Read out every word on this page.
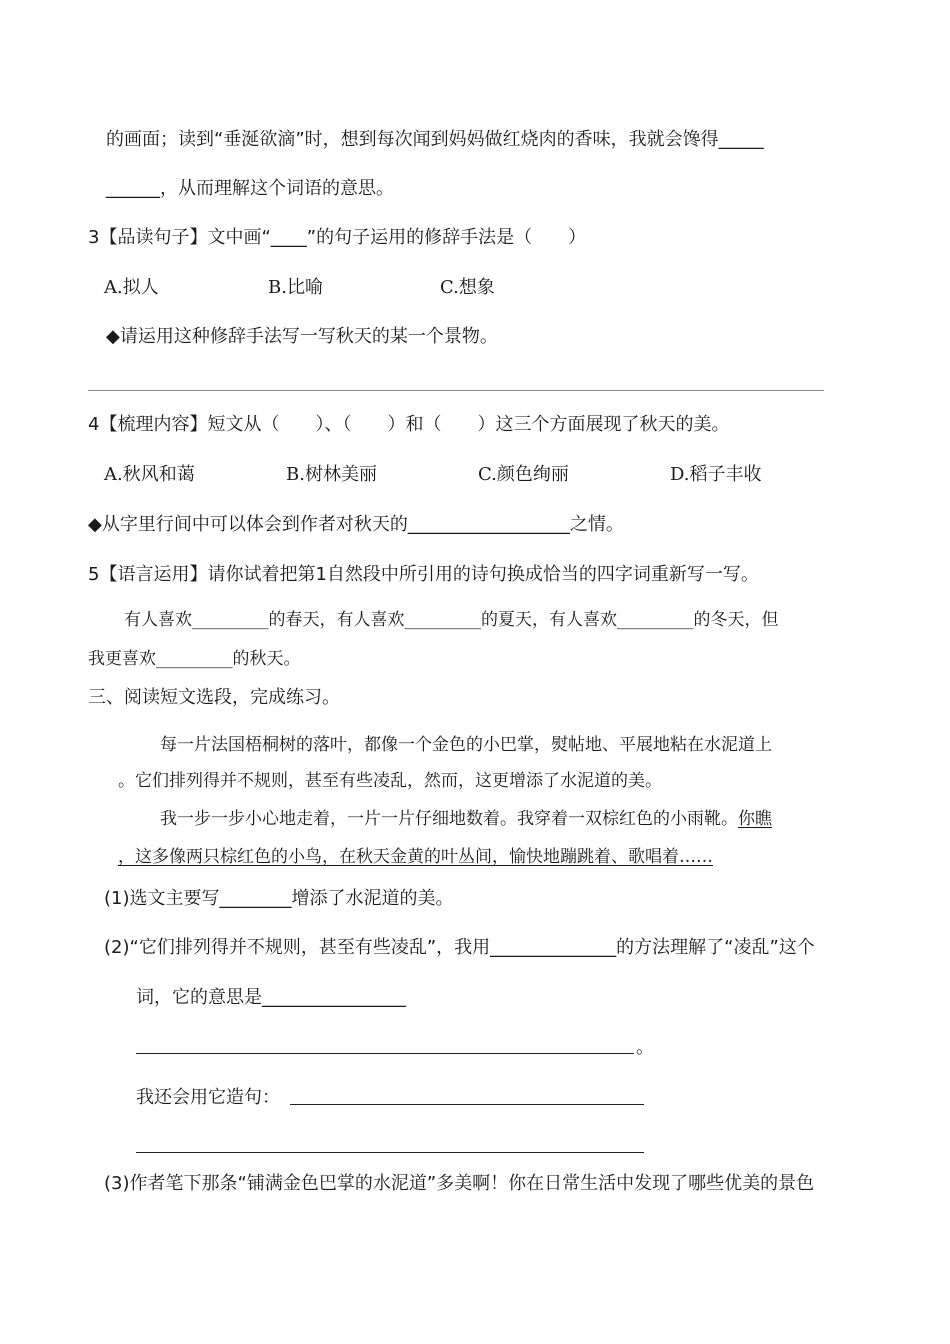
的画面；读到“垂涎欲滴”时，想到每次闻到妈妈做红烧肉的香味，我就会馋得_____
______，从而理解这个词语的意思。
3【品读句子】文中画“____”的句子运用的修辞手法是（　　）
A.拟人	B.比喻	C.想象
◆请运用这种修辞手法写一写秋天的某一个景物。
4【梳理内容】短文从（　　）、（　　）和（　　）这三个方面展现了秋天的美。
A.秋风和蔼	B.树林美丽	C.颜色绚丽	D.稻子丰收
◆从字里行间中可以体会到作者对秋天的__________________之情。
5【语言运用】请你试着把第1自然段中所引用的诗句换成恰当的四字词重新写一写。
有人喜欢_________的春天，有人喜欢_________的夏天，有人喜欢_________的冬天，但
我更喜欢_________的秋天。
三、阅读短文选段，完成练习。
每一片法国梧桐树的落叶，都像一个金色的小巴掌，熨帖地、平展地粘在水泥道上
。它们排列得并不规则，甚至有些凌乱，然而，这更增添了水泥道的美。
我一步一步小心地走着，一片一片仔细地数着。我穿着一双棕红色的小雨靴。你瞧
，这多像两只棕红色的小鸟，在秋天金黄的叶丛间，愉快地蹦跳着、歌唱着……
(1)选文主要写________增添了水泥道的美。
(2)“它们排列得并不规则，甚至有些凌乱”，我用______________的方法理解了“凌乱”这个
词，它的意思是________________
。
我还会用它造句：
(3)作者笔下那条“铺满金色巴掌的水泥道”多美啊！你在日常生活中发现了哪些优美的景色
